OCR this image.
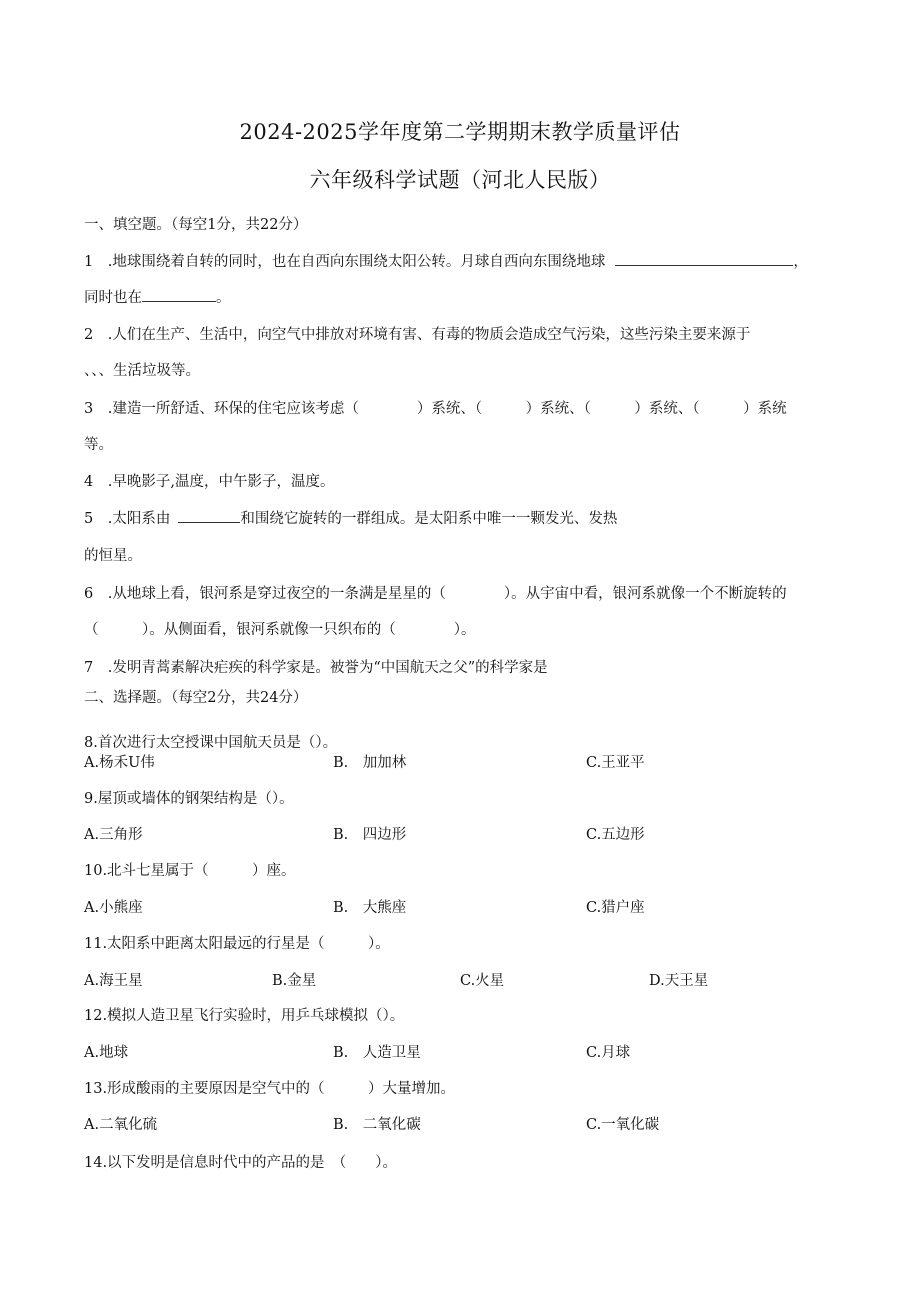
2024-2025学年度第二学期期末教学质量评估
六年级科学试题（河北人民版）
一、填空题。（每空1分，共22分）
1　.地球围绕着自转的同时，也在自西向东围绕太阳公转。月球自西向东围绕地球	，
同时也在	。
2　.人们在生产、生活中，向空气中排放对环境有害、有毒的物质会造成空气污染，这些污染主要来源于
、、、生活垃圾等。
3　.建造一所舒适、环保的住宅应该考虑（　　　　）系统、（　　　）系统、（　　　）系统、（　　　）系统
等。
4　.早晚影子,温度，中午影子，温度。
5　.太阳系由	和围绕它旋转的一群组成。是太阳系中唯一一颗发光、发热
的恒星。
6　.从地球上看，银河系是穿过夜空的一条满是星星的（　　　　）。从宇宙中看，银河系就像一个不断旋转的
（　　　）。从侧面看，银河系就像一只织布的（　　　　）。
7　.发明青蒿素解决疟疾的科学家是。被誉为“中国航天之父”的科学家是
二、选择题。（每空2分，共24分）
8.首次进行太空授课中国航天员是（）。
A.杨禾U伟	B.　加加林	C.王亚平
9.屋顶或墙体的钢架结构是（）。
A.三角形	B.　四边形	C.五边形
10.北斗七星属于（　　　）座。
A.小熊座	B.　大熊座	C.猎户座
11.太阳系中距离太阳最远的行星是（　　　）。
A.海王星	B.金星	C.火星	D.天王星
12.模拟人造卫星飞行实验时，用乒乓球模拟（）。
A.地球	B.　人造卫星	C.月球
13.形成酸雨的主要原因是空气中的（　　　）大量增加。
A.二氧化硫	B.　二氧化碳	C.一氧化碳
14.以下发明是信息时代中的产品的是　（　　）。
